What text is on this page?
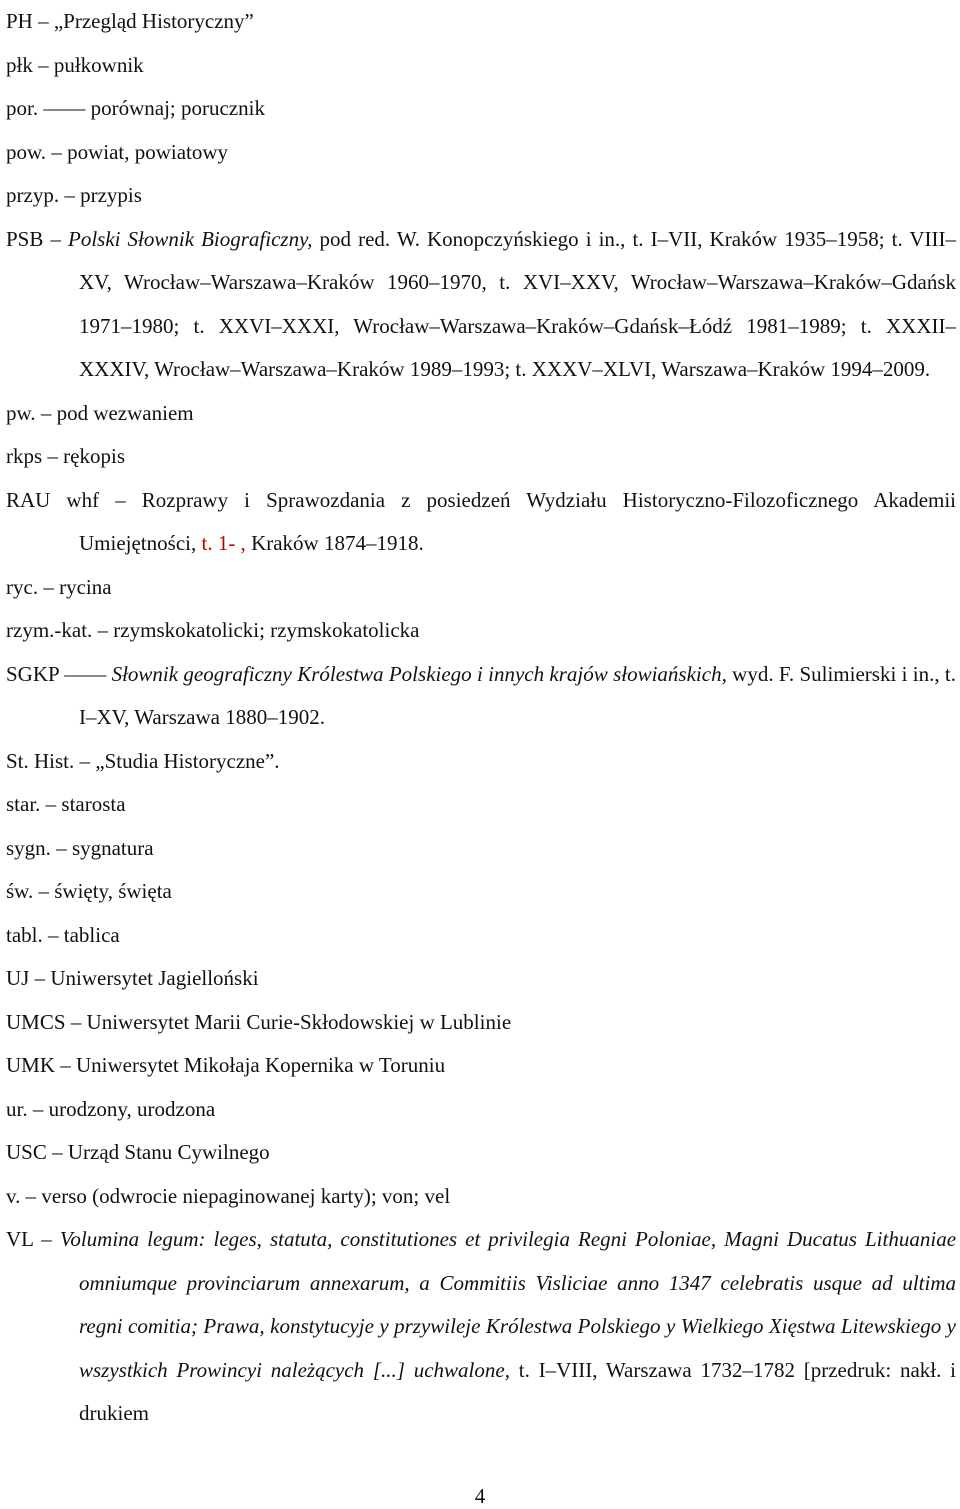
PH – „Przegląd Historyczny”
płk – pułkownik
por. —— porównaj; porucznik
pow. – powiat, powiatowy
przyp. – przypis
PSB – Polski Słownik Biograficzny, pod red. W. Konopczyńskiego i in., t. I–VII, Kraków 1935–1958; t. VIII–XV, Wrocław–Warszawa–Kraków 1960–1970, t. XVI–XXV, Wrocław–Warszawa–Kraków–Gdańsk 1971–1980; t. XXVI–XXXI, Wrocław–Warszawa–Kraków–Gdańsk–Łódź 1981–1989; t. XXXII–XXXIV, Wrocław–Warszawa–Kraków 1989–1993; t. XXXV–XLVI, Warszawa–Kraków 1994–2009.
pw. – pod wezwaniem
rkps – rękopis
RAU whf – Rozprawy i Sprawozdania z posiedzeń Wydziału Historyczno-Filozoficznego Akademii Umiejętności, t. 1- , Kraków 1874–1918.
ryc. – rycina
rzym.-kat. – rzymskokatolicki; rzymskokatolicka
SGKP —— Słownik geograficzny Królestwa Polskiego i innych krajów słowiańskich, wyd. F. Sulimierski i in., t. I–XV, Warszawa 1880–1902.
St. Hist. – „Studia Historyczne”.
star. – starosta
sygn. – sygnatura
św. – święty, święta
tabl. – tablica
UJ – Uniwersytet Jagielloński
UMCS – Uniwersytet Marii Curie-Skłodowskiej w Lublinie
UMK – Uniwersytet Mikołaja Kopernika w Toruniu
ur. – urodzony, urodzona
USC – Urząd Stanu Cywilnego
v. – verso (odwrocie niepaginowanej karty); von; vel
VL – Volumina legum: leges, statuta, constitutiones et privilegia Regni Poloniae, Magni Ducatus Lithuaniae omniumque provinciarum annexarum, a Commitiis Visliciae anno 1347 celebratis usque ad ultima regni comitia; Prawa, konstytucyje y przywileje Królestwa Polskiego y Wielkiego Xięstwa Litewskiego y wszystkich Prowincyi należących [...] uchwalone, t. I–VIII, Warszawa 1732–1782 [przedruk: nakł. i drukiem
4
